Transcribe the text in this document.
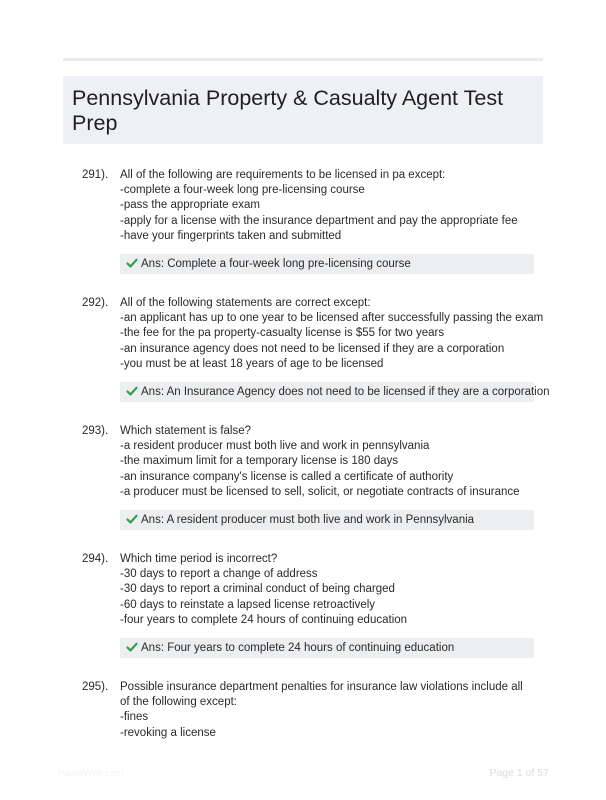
Pennsylvania Property & Casualty Agent Test Prep
291). All of the following are requirements to be licensed in pa except:
-complete a four-week long pre-licensing course
-pass the appropriate exam
-apply for a license with the insurance department and pay the appropriate fee
-have your fingerprints taken and submitted
Ans: Complete a four-week long pre-licensing course
292). All of the following statements are correct except:
-an applicant has up to one year to be licensed after successfully passing the exam
-the fee for the pa property-casualty license is $55 for two years
-an insurance agency does not need to be licensed if they are a corporation
-you must be at least 18 years of age to be licensed
Ans: An Insurance Agency does not need to be licensed if they are a corporation
293). Which statement is false?
-a resident producer must both live and work in pennsylvania
-the maximum limit for a temporary license is 180 days
-an insurance company's license is called a certificate of authority
-a producer must be licensed to sell, solicit, or negotiate contracts of insurance
Ans: A resident producer must both live and work in Pennsylvania
294). Which time period is incorrect?
-30 days to report a change of address
-30 days to report a criminal conduct of being charged
-60 days to reinstate a lapsed license retroactively
-four years to complete 24 hours of continuing education
Ans: Four years to complete 24 hours of continuing education
295). Possible insurance department penalties for insurance law violations include all of the following except:
-fines
-revoking a license
PaperWeb.com	Page 1 of 57
